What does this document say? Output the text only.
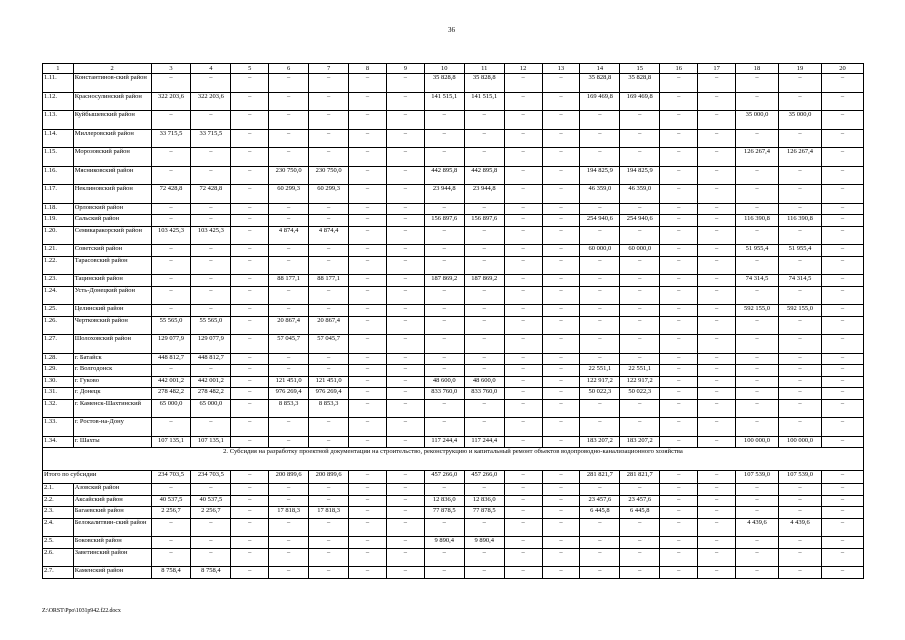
36
1	2	3	4	5	6	7	8	9	10	11	12	13	14	15	16	17	18	19	20
1.11.	Константинов-ский район	–	–	–	–	–	–	–	35 828,8	35 828,8	–	–	35 828,8	35 828,8	–	–	–	–	–
1.12.	Красносулинский район	322 203,6	322 203,6	–	–	–	–	–	141 515,1	141 515,1	–	–	169 469,8	169 469,8	–	–	–	–	–
1.13.	Куйбышевский район	–	–	–	–	–	–	–	–	–	–	–	–	–	–	–	35 000,0	35 000,0	–
1.14.	Миллеровский район	33 715,5	33 715,5	–	–	–	–	–	–	–	–	–	–	–	–	–	–	–	–
1.15.	Морозовский район	–	–	–	–	–	–	–	–	–	–	–	–	–	–	–	126 267,4	126 267,4	–
1.16.	Мясниковский район	–	–	–	230 750,0	230 750,0	–	–	442 895,8	442 895,8	–	–	194 825,9	194 825,9	–	–	–	–	–
1.17.	Неклиновский район	72 428,8	72 428,8	–	60 299,3	60 299,3	–	–	23 944,8	23 944,8	–	–	46 359,0	46 359,0	–	–	–	–	–
1.18.	Орловский район	–	–	–	–	–	–	–	–	–	–	–	–	–	–	–	–	–	–
1.19.	Сальский район	–	–	–	–	–	–	–	156 897,6	156 897,6	–	–	254 940,6	254 940,6	–	–	116 390,8	116 390,8	–
1.20.	Семикаракорский район	103 425,3	103 425,3	–	4 874,4	4 874,4	–	–	–	–	–	–	–	–	–	–	–	–	–
1.21.	Советский район	–	–	–	–	–	–	–	–	–	–	–	60 000,0	60 000,0	–	–	51 955,4	51 955,4	–
1.22.	Тарасовский район	–	–	–	–	–	–	–	–	–	–	–	–	–	–	–	–	–	–
1.23.	Тацинский район	–	–	–	88 177,1	88 177,1	–	–	187 869,2	187 869,2	–	–	–	–	–	–	74 314,5	74 314,5	–
1.24.	Усть-Донецкий район	–	–	–	–	–	–	–	–	–	–	–	–	–	–	–	–	–	–
1.25.	Целинский район	–	–	–	–	–	–	–	–	–	–	–	–	–	–	–	592 155,0	592 155,0	–
1.26.	Чертковский район	55 565,0	55 565,0	–	20 867,4	20 867,4	–	–	–	–	–	–	–	–	–	–	–	–	–
1.27.	Шолоховский район	129 077,9	129 077,9	–	57 045,7	57 045,7	–	–	–	–	–	–	–	–	–	–	–	–	–
1.28.	г. Батайск	448 812,7	448 812,7	–	–	–	–	–	–	–	–	–	–	–	–	–	–	–	–
1.29.	г. Волгодонск	–	–	–	–	–	–	–	–	–	–	–	22 551,1	22 551,1	–	–	–	–	–
1.30.	г. Гуково	442 001,2	442 001,2	–	121 451,0	121 451,0	–	–	48 600,0	48 600,0	–	–	122 917,2	122 917,2	–	–	–	–	–
1.31.	г. Донецк	278 482,2	278 482,2	–	976 269,4	976 269,4	–	–	833 760,0	833 760,0	–	–	50 022,3	50 022,3	–	–	–	–	–
1.32.	г. Каменск-Шахтинский	65 000,0	65 000,0	–	8 853,3	8 853,3	–	–	–	–	–	–	–	–	–	–	–	–	–
1.33.	г. Ростов-на-Дону	–	–	–	–	–	–	–	–	–	–	–	–	–	–	–	–	–	–
1.34.	г. Шахты	107 135,1	107 135,1	–	–	–	–	–	117 244,4	117 244,4	–	–	183 207,2	183 207,2	–	–	100 000,0	100 000,0	–
2. Субсидия на разработку проектной документации на строительство, реконструкцию и капитальный ремонт объектов водопроводно-канализационного хозяйства																			
Итого по субсидии		234 703,5	234 703,5	–	200 899,6	200 899,6	–	–	457 266,0	457 266,0	–	–	281 821,7	281 821,7	–	–	107 539,0	107 539,0	–
2.1.	Азовский район	–	–	–	–	–	–	–	–	–	–	–	–	–	–	–	–	–	–
2.2.	Аксайский район	40 537,5	40 537,5	–	–	–	–	–	12 836,0	12 836,0	–	–	23 457,6	23 457,6	–	–	–	–	–
2.3.	Багаевский район	2 256,7	2 256,7	–	17 818,3	17 818,3	–	–	77 878,5	77 878,5	–	–	6 445,8	6 445,8	–	–	–	–	–
2.4.	Белокалитвин-ский район	–	–	–	–	–	–	–	–	–	–	–	–	–	–	–	4 439,6	4 439,6	–
2.5.	Боковский район	–	–	–	–	–	–	–	9 890,4	9 890,4	–	–	–	–	–	–	–	–	–
2.6.	Заветинский район	–	–	–	–	–	–	–	–	–	–	–	–	–	–	–	–	–	–
2.7.	Каменский район	8 758,4	8 758,4	–	–	–	–	–	–	–	–	–	–	–	–	–	–	–	–
Z:\ORST\Ppo\1031p942.f22.docx
